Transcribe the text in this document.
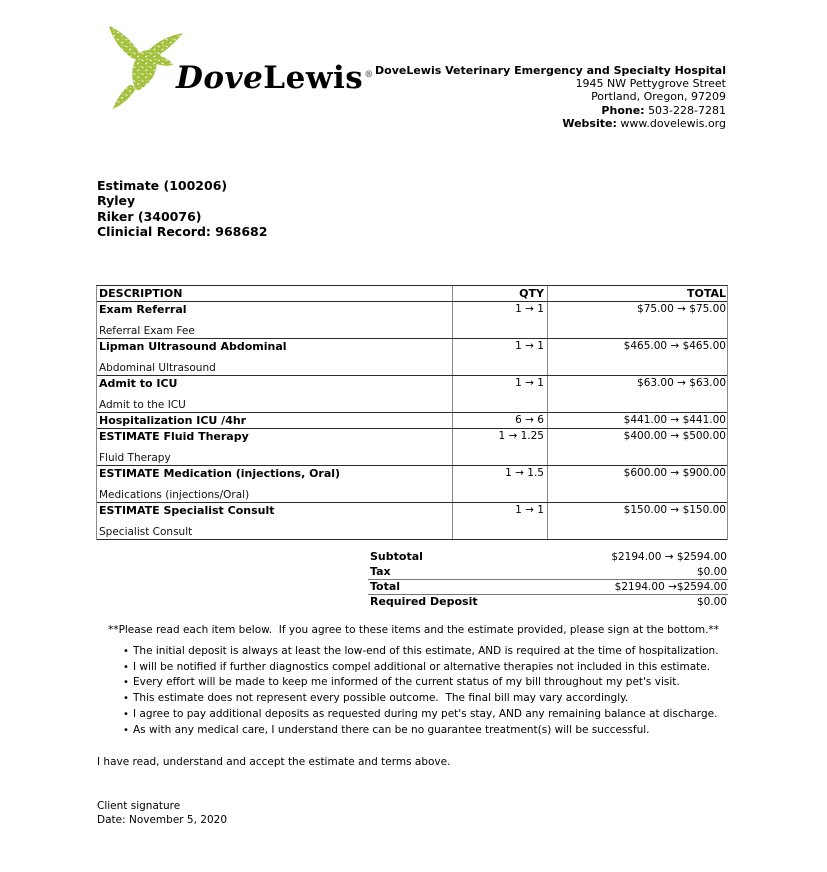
DoveLewis® DoveLewis Veterinary Emergency and Specialty Hospital
1945 NW Pettygrove Street
Portland, Oregon, 97209
Phone: 503-228-7281
Website: www.dovelewis.org
Estimate (100206)
Ryley
Riker (340076)
Clinicial Record: 968682
DESCRIPTION	QTY	TOTAL
Exam Referral
Referral Exam Fee
1 → 1	$75.00 → $75.00
Lipman Ultrasound Abdominal
Abdominal Ultrasound
1 → 1	$465.00 → $465.00
Admit to ICU
Admit to the ICU
1 → 1	$63.00 → $63.00
Hospitalization ICU /4hr	6 → 6	$441.00 → $441.00
ESTIMATE Fluid Therapy
Fluid Therapy
1 → 1.25	$400.00 → $500.00
ESTIMATE Medication (injections, Oral)
Medications (injections/Oral)
1 → 1.5	$600.00 → $900.00
ESTIMATE Specialist Consult
Specialist Consult
1 → 1	$150.00 → $150.00
Subtotal	$2194.00 → $2594.00
Tax	$0.00
Total	$2194.00 →$2594.00
Required Deposit	$0.00
**Please read each item below.  If you agree to these items and the estimate provided, please sign at the bottom.**
• The initial deposit is always at least the low-end of this estimate, AND is required at the time of hospitalization.
• I will be notified if further diagnostics compel additional or alternative therapies not included in this estimate.
• Every effort will be made to keep me informed of the current status of my bill throughout my pet's visit.
• This estimate does not represent every possible outcome.  The final bill may vary accordingly.
• I agree to pay additional deposits as requested during my pet's stay, AND any remaining balance at discharge.
• As with any medical care, I understand there can be no guarantee treatment(s) will be successful.
I have read, understand and accept the estimate and terms above.
Client signature
Date: November 5, 2020
